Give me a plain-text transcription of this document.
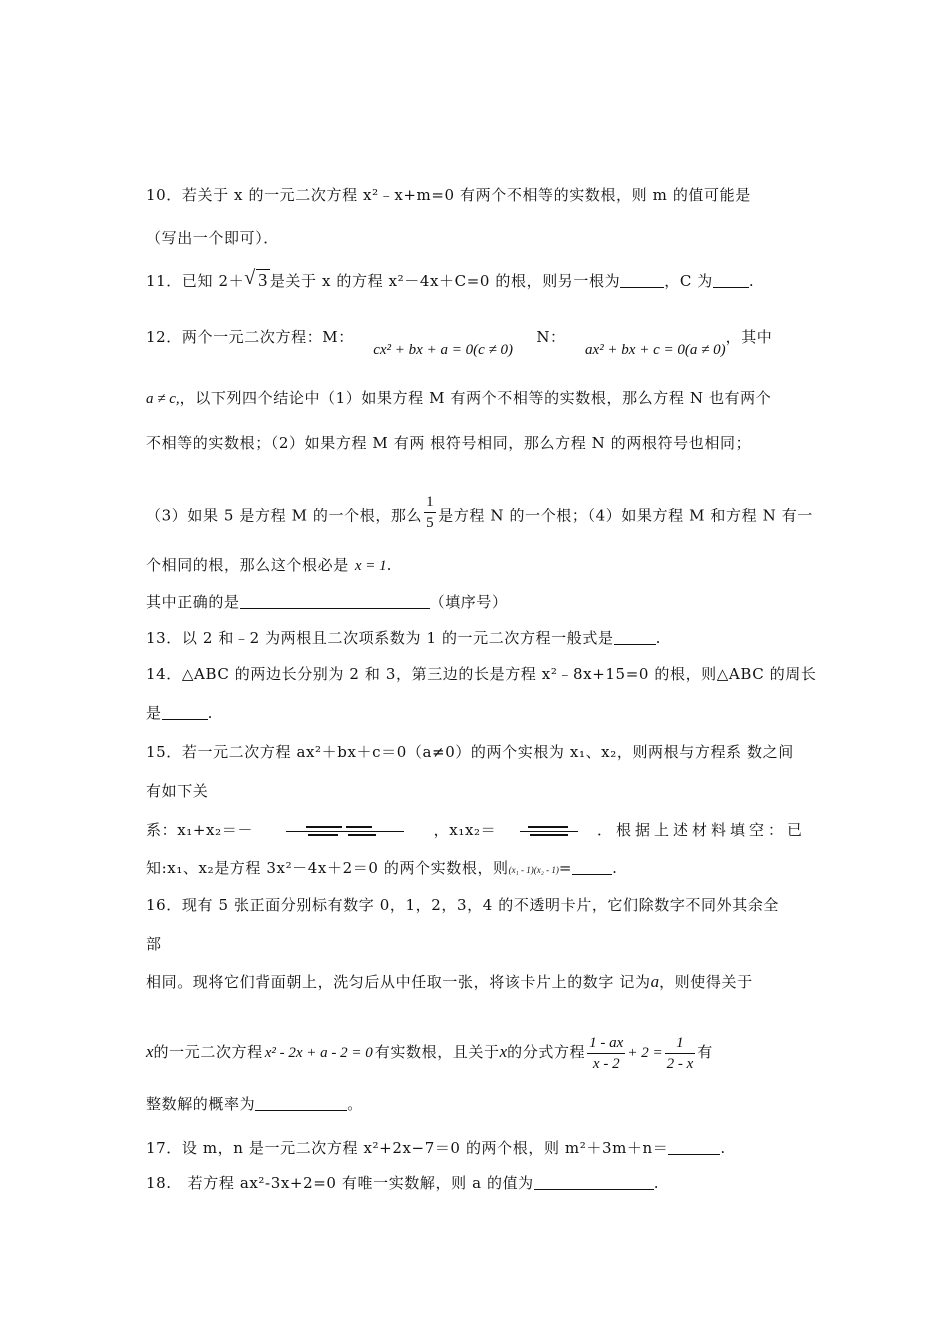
10．若关于 x 的一元二次方程 x²﹣x+m=0 有两个不相等的实数根，则 m 的值可能是
（写出一个即可）．
11．已知 2＋ √ 3 是关于 x 的方程 x²－4x＋C=0 的根，则另一根为	，C 为 .
12．两个一元二次方程：M： cx² + bx + a = 0(c ≠ 0) N： ax² + bx + c = 0(a ≠ 0)，其中
a ≠ c,，以下列四个结论中（1）如果方程 M 有两个不相等的实数根，那么方程 N 也有两个
不相等的实数根；（2）如果方程 M 有两 根符号相同，那么方程 N 的两根符号也相同；
（3）如果 5 是方程 M 的一个根，那么 $\frac{1}{5}$ 是方程 N 的一个根；（4）如果方程 M 和方程 N 有一
个相同的根，那么这个根必是 x = 1.
其中正确的是	（填序号）
13．以 2 和﹣2 为两根且二次项系数为 1 的一元二次方程一般式是	.
14．△ABC 的两边长分别为 2 和 3，第三边的长是方程 x²﹣8x+15=0 的根，则△ABC 的周长
是	.
15．若一元二次方程 ax²＋bx＋c＝0（a≠0）的两个实根为 x₁、x₂，则两根与方程系 数之间
有如下关
系：x₁+x₂＝－	，x₁x₂＝	．根据上述材料填空：已
知:x₁、x₂是方程 3x²－4x＋2＝0 的两个实数根，则(x₁ - 1)(x₂ - 1)=	.
16．现有 5 张正面分别标有数字 0，1，2，3，4 的不透明卡片，它们除数字不同外其余全
部
相同。现将它们背面朝上，洗匀后从中任取一张，将该卡片上的数字 记为a，则使得关于
x的一元二次方程 x² - 2x + a - 2 = 0 有实数根，且关于x的分式方程 $\frac{1 - ax}{x - 2} + 2 = \frac{1}{2 - x}$ 有
整数解的概率为	。
17．设 m，n 是一元二次方程 x²+2x−7＝0 的两个根，则 m²＋3m＋n＝	.
18. 若方程 ax²-3x+2=0 有唯一实数解，则 a 的值为	.
